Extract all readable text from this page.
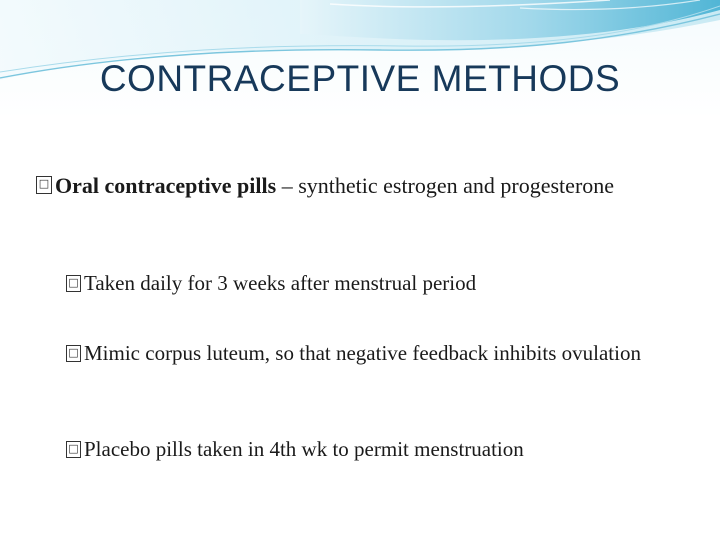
CONTRACEPTIVE METHODS
□ Oral contraceptive pills – synthetic estrogen and progesterone
□ Taken daily for 3 weeks after menstrual period
□ Mimic corpus luteum, so that negative feedback inhibits ovulation
□ Placebo pills taken in 4th wk to permit menstruation
